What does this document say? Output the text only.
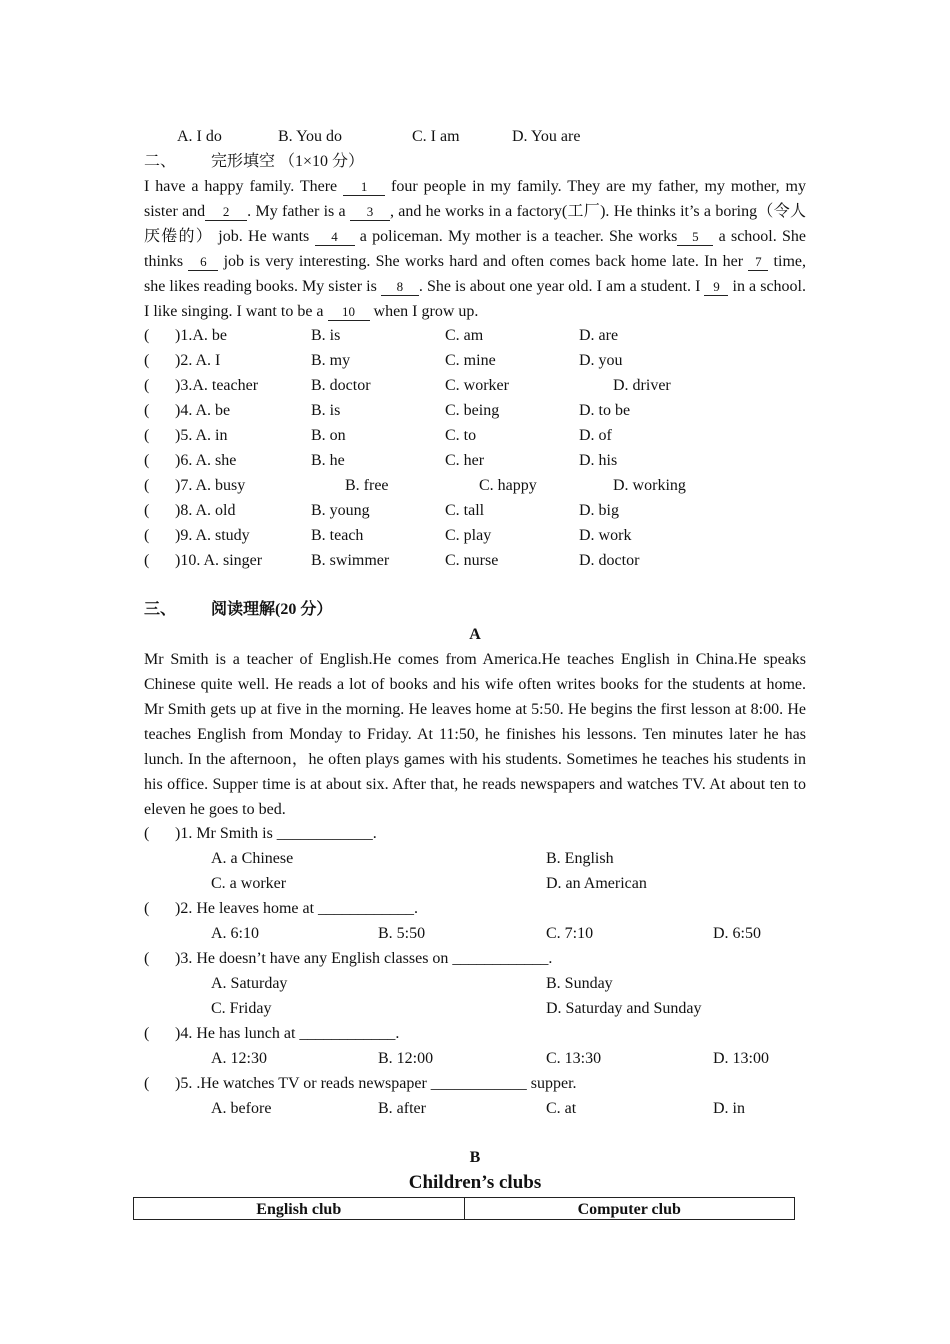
A. I do	B. You do	C. I am	D. You are
二、 完形填空 （1×10 分）
I have a happy family. There 1 four people in my family. They are my father, my mother, my sister and 2 . My father is a 3 , and he works in a factory(工厂). He thinks it’s a boring（令人厌倦的） job. He wants 4 a policeman. My mother is a teacher. She works 5 a school. She thinks 6 job is very interesting. She works hard and often comes back home late. In her 7 time, she likes reading books. My sister is 8 . She is about one year old. I am a student. I 9 in a school. I like singing. I want to be a 10 when I grow up.
( )1.A. be	B. is	C. am	D. are
( )2. A. I	B. my	C. mine	D. you
( )3.A. teacher	B. doctor	C. worker	D. driver
( )4. A. be	B. is	C. being	D. to be
( )5. A. in	B. on	C. to	D. of
( )6. A. she	B. he	C. her	D. his
( )7. A. busy	B. free	C. happy	D. working
( )8. A. old	B. young	C. tall	D. big
( )9. A. study	B. teach	C. play	D. work
( )10. A. singer	B. swimmer	C. nurse	D. doctor
三、 阅读理解(20 分）
A
Mr Smith is a teacher of English.He comes from America.He teaches English in China.He speaks Chinese quite well. He reads a lot of books and his wife often writes books for the students at home. Mr Smith gets up at five in the morning. He leaves home at 5:50. He begins the first lesson at 8:00. He teaches English from Monday to Friday. At 11:50, he finishes his lessons. Ten minutes later he has lunch. In the afternoon，he often plays games with his students. Sometimes he teaches his students in his office. Supper time is at about six. After that, he reads newspapers and watches TV. At about ten to eleven he goes to bed.
( )1. Mr Smith is ____________.
A. a Chinese	B. English
C. a worker	D. an American
( )2. He leaves home at ____________.
A. 6:10	B. 5:50	C. 7:10	D. 6:50
( )3. He doesn’t have any English classes on ____________.
A. Saturday	B. Sunday
C. Friday	D. Saturday and Sunday
( )4. He has lunch at ____________.
A. 12:30	B. 12:00	C. 13:30	D. 13:00
( )5. .He watches TV or reads newspaper ____________ supper.
A. before	B. after	C. at	D. in
B
Children’s clubs
English club	Computer club
